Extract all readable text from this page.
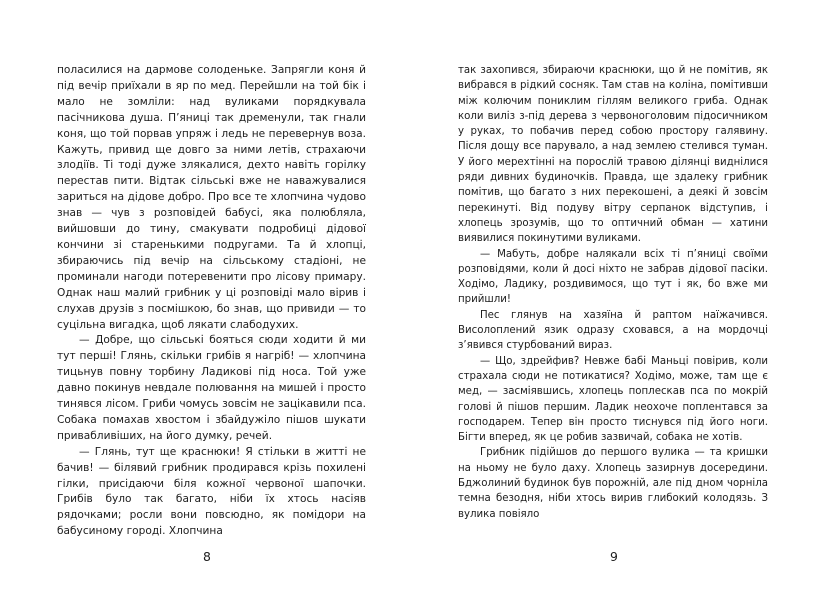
поласилися на дармове солоденьке. Запрягли коня й під вечір приїхали в яр по мед. Перейшли на той бік і мало не зомліли: над вуликами порядкувала пасічникова душа. П’яниці так дременули, так гнали коня, що той порвав упряж і ледь не перевернув воза. Кажуть, привид ще довго за ними летів, страхаючи злодіїв. Ті тоді дуже злякалися, дехто навіть горілку перестав пити. Відтак сільські вже не наважувалися зариться на дідове добро. Про все те хлопчина чудово знав — чув з розповідей бабусі, яка полюбляла, вийшовши до тину, смакувати подробиці дідової кончини зі старенькими подругами. Та й хлопці, збираючись під вечір на сільському стадіоні, не проминали нагоди потеревенити про лісову примару. Однак наш малий грибник у ці розповіді мало вірив і слухав друзів з посмішкою, бо знав, що привиди — то суцільна вигадка, щоб лякати слабодухих.

— Добре, що сільські бояться сюди ходити й ми тут перші! Глянь, скільки грибів я нагріб! — хлопчина тицьнув повну торбину Ладикові під носа. Той уже давно покинув невдале полювання на мишей і просто тинявся лісом. Гриби чомусь зовсім не зацікавили пса. Собака помахав хвостом і збайдужіло пішов шукати привабливіших, на його думку, речей.

— Глянь, тут ще краснюки! Я стільки в житті не бачив! — білявий грибник продирався крізь похилені гілки, присідаючи біля кожної червоної шапочки. Грибів було так багато, ніби їх хтось насіяв рядочками; росли вони повсюдно, як помідори на бабусиному городі. Хлопчина

8

так захопився, збираючи краснюки, що й не помітив, як вибрався в рідкий сосняк. Там став на коліна, помітивши між колючим пониклим гіллям великого гриба. Однак коли виліз з-під дерева з червоноголовим підосичником у руках, то побачив перед собою простору галявину. Після дощу все парувало, а над землею стелився туман. У його мерехтінні на порослій травою ділянці виднілися ряди дивних будиночків. Правда, ще здалеку грибник помітив, що багато з них перекошені, а деякі й зовсім перекинуті. Від подуву вітру серпанок відступив, і хлопець зрозумів, що то оптичний обман — хатини виявилися покинутими вуликами.

— Мабуть, добре налякали всіх ті п’яниці своїми розповідями, коли й досі ніхто не забрав дідової пасіки. Ходімо, Ладику, роздивимося, що тут і як, бо вже ми прийшли!

Пес глянув на хазяїна й раптом наїжачився. Висолоплений язик одразу сховався, а на мордочці з’явився стурбований вираз.

— Що, здрейфив? Невже бабі Маньці повірив, коли страхала сюди не потикатися? Ходімо, може, там ще є мед, — засміявшись, хлопець поплескав пса по мокрій голові й пішов першим. Ладик неохоче поплентався за господарем. Тепер він просто тиснувся під його ноги. Бігти вперед, як це робив зазвичай, собака не хотів.

Грибник підійшов до першого вулика — та кришки на ньому не було даху. Хлопець зазирнув досередини. Бджолиний будинок був порожній, але під дном чорніла темна безодня, ніби хтось вирив глибокий колодязь. З вулика повіяло

9
